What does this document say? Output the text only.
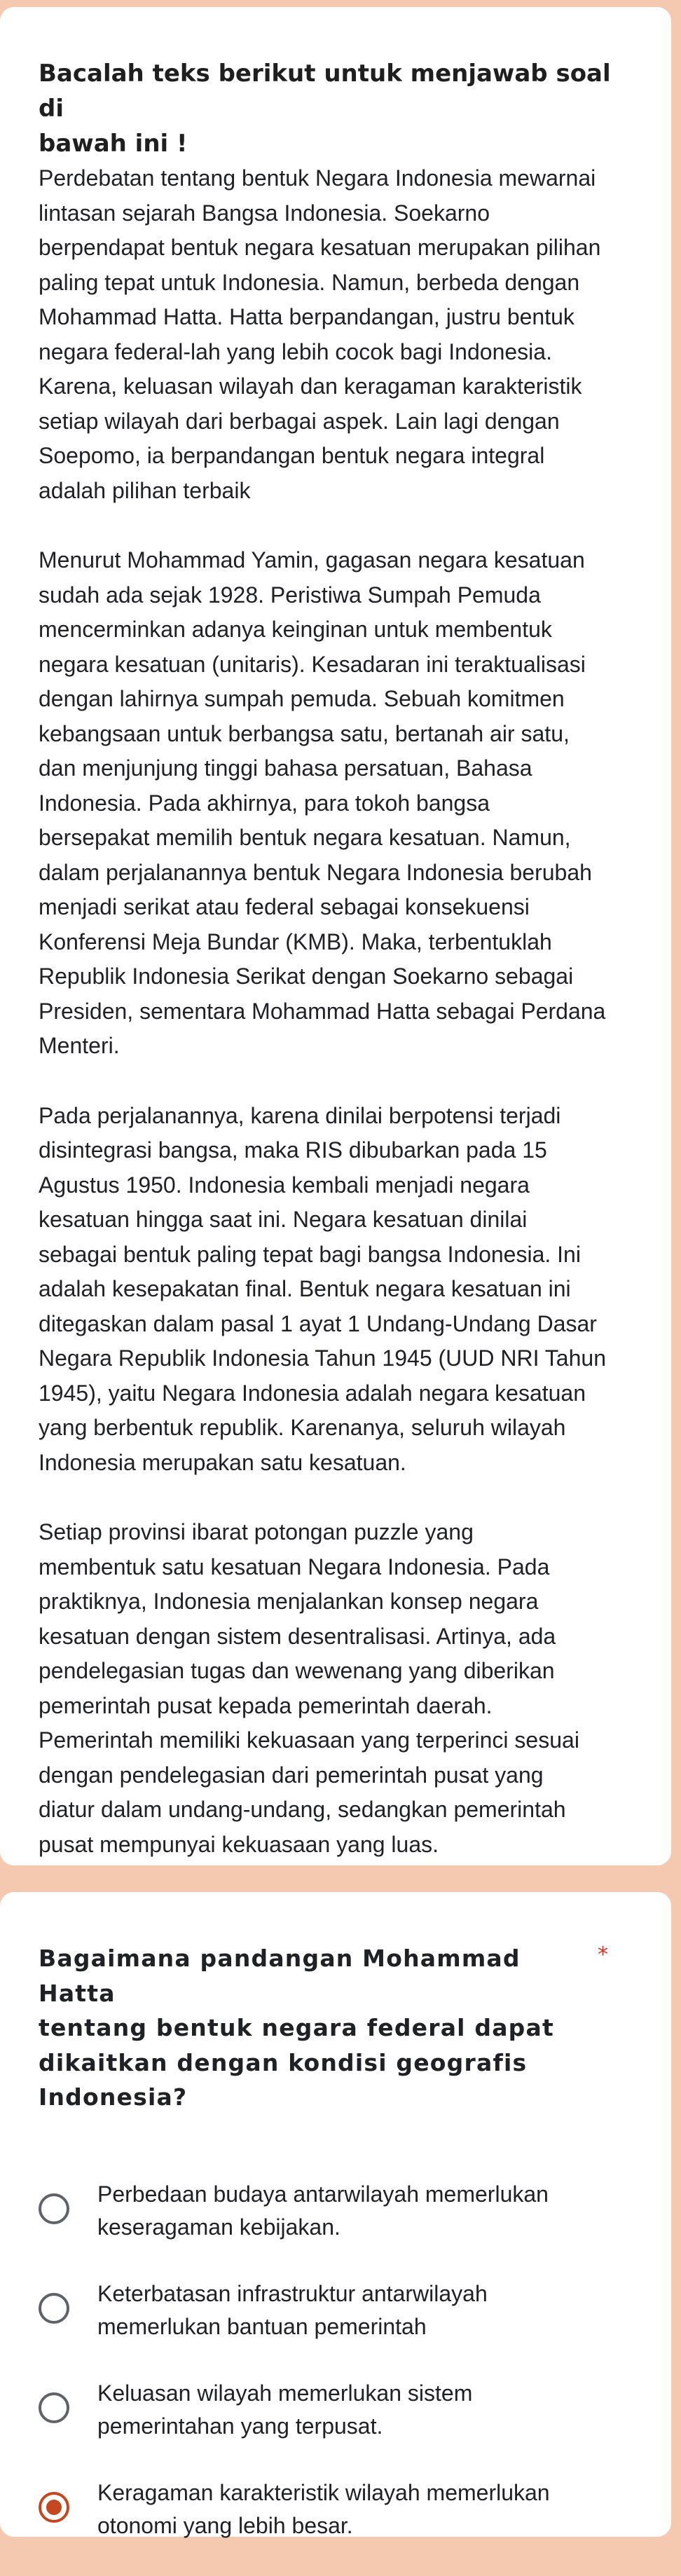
Bacalah teks berikut untuk menjawab soal di
bawah ini !

Perdebatan tentang bentuk Negara Indonesia mewarnai
lintasan sejarah Bangsa Indonesia. Soekarno
berpendapat bentuk negara kesatuan merupakan pilihan
paling tepat untuk Indonesia. Namun, berbeda dengan
Mohammad Hatta. Hatta berpandangan, justru bentuk
negara federal-lah yang lebih cocok bagi Indonesia.
Karena, keluasan wilayah dan keragaman karakteristik
setiap wilayah dari berbagai aspek. Lain lagi dengan
Soepomo, ia berpandangan bentuk negara integral
adalah pilihan terbaik

Menurut Mohammad Yamin, gagasan negara kesatuan
sudah ada sejak 1928. Peristiwa Sumpah Pemuda
mencerminkan adanya keinginan untuk membentuk
negara kesatuan (unitaris). Kesadaran ini teraktualisasi
dengan lahirnya sumpah pemuda. Sebuah komitmen
kebangsaan untuk berbangsa satu, bertanah air satu,
dan menjunjung tinggi bahasa persatuan, Bahasa
Indonesia. Pada akhirnya, para tokoh bangsa
bersepakat memilih bentuk negara kesatuan. Namun,
dalam perjalanannya bentuk Negara Indonesia berubah
menjadi serikat atau federal sebagai konsekuensi
Konferensi Meja Bundar (KMB). Maka, terbentuklah
Republik Indonesia Serikat dengan Soekarno sebagai
Presiden, sementara Mohammad Hatta sebagai Perdana
Menteri.

Pada perjalanannya, karena dinilai berpotensi terjadi
disintegrasi bangsa, maka RIS dibubarkan pada 15
Agustus 1950. Indonesia kembali menjadi negara
kesatuan hingga saat ini. Negara kesatuan dinilai
sebagai bentuk paling tepat bagi bangsa Indonesia. Ini
adalah kesepakatan final. Bentuk negara kesatuan ini
ditegaskan dalam pasal 1 ayat 1 Undang-Undang Dasar
Negara Republik Indonesia Tahun 1945 (UUD NRI Tahun
1945), yaitu Negara Indonesia adalah negara kesatuan
yang berbentuk republik. Karenanya, seluruh wilayah
Indonesia merupakan satu kesatuan.

Setiap provinsi ibarat potongan puzzle yang
membentuk satu kesatuan Negara Indonesia. Pada
praktiknya, Indonesia menjalankan konsep negara
kesatuan dengan sistem desentralisasi. Artinya, ada
pendelegasian tugas dan wewenang yang diberikan
pemerintah pusat kepada pemerintah daerah.
Pemerintah memiliki kekuasaan yang terperinci sesuai
dengan pendelegasian dari pemerintah pusat yang
diatur dalam undang-undang, sedangkan pemerintah
pusat mempunyai kekuasaan yang luas.

Bagaimana pandangan Mohammad Hatta
tentang bentuk negara federal dapat
dikaitkan dengan kondisi geografis
Indonesia?

*
Perbedaan budaya antarwilayah memerlukan
keseragaman kebijakan.
Keterbatasan infrastruktur antarwilayah
memerlukan bantuan pemerintah
Keluasan wilayah memerlukan sistem
pemerintahan yang terpusat.
Keragaman karakteristik wilayah memerlukan
otonomi yang lebih besar.
